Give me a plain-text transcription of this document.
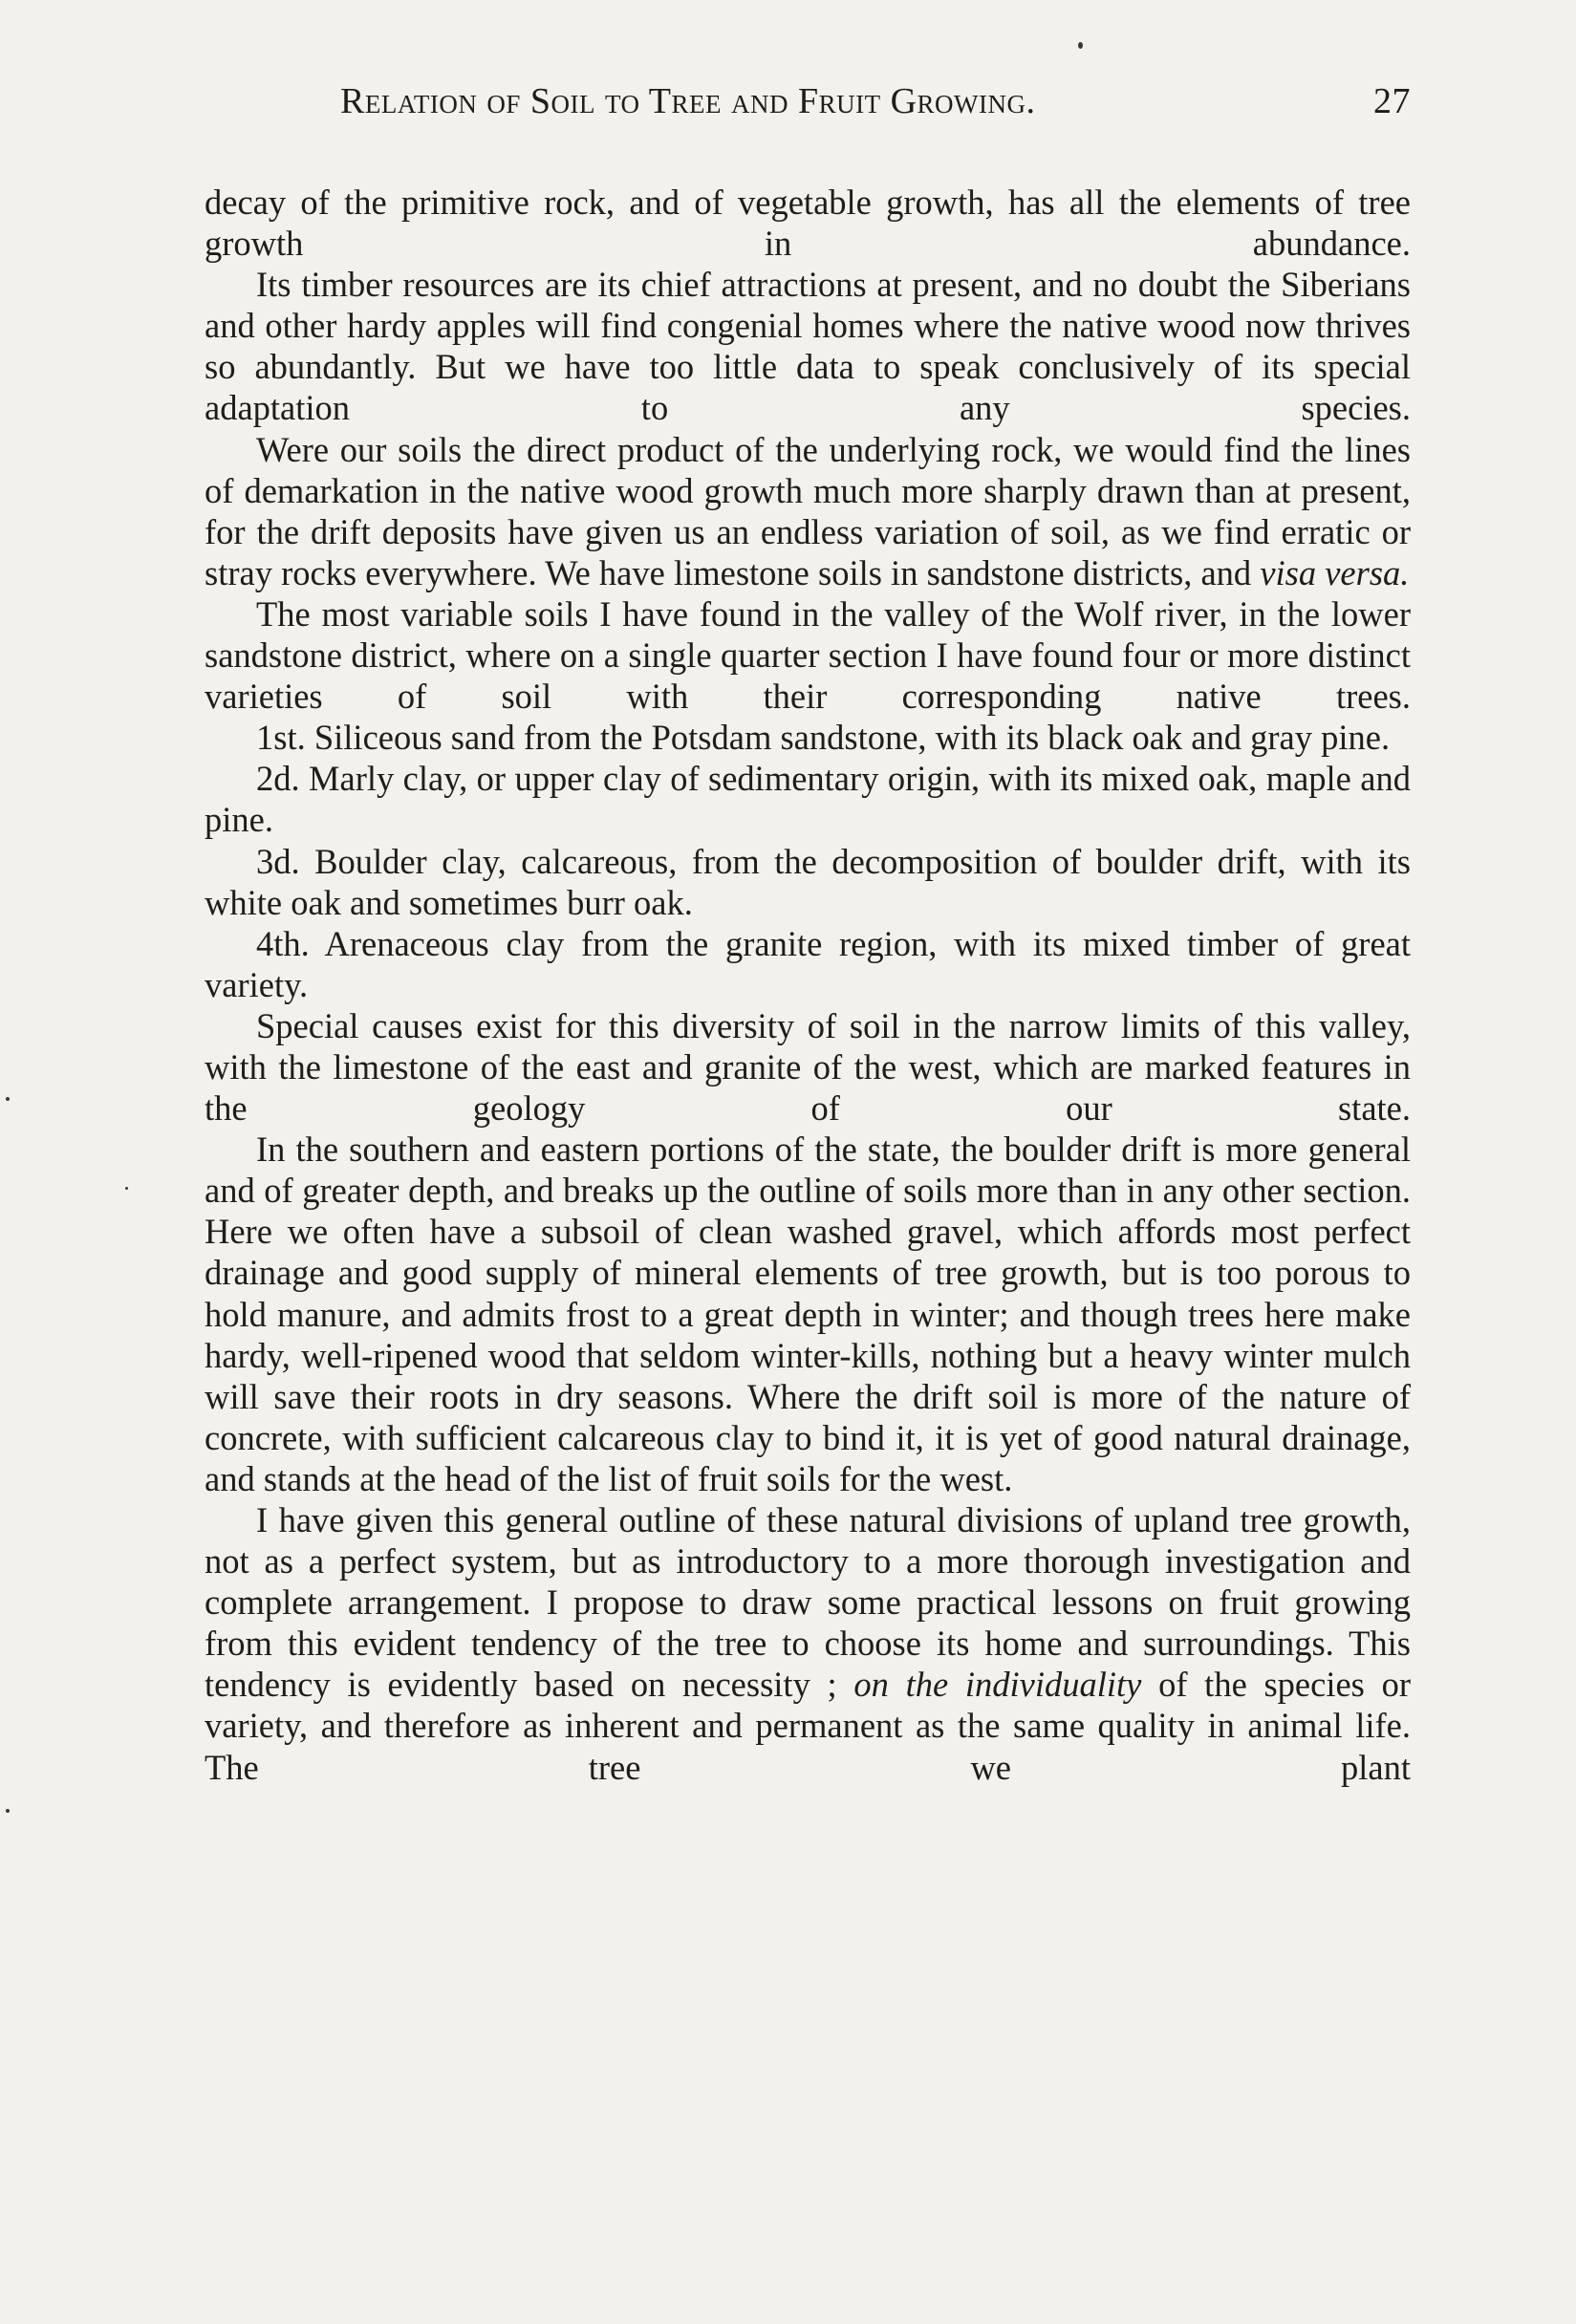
Relation of Soil to Tree and Fruit Growing.	27

decay of the primitive rock, and of vegetable growth, has all the elements of tree growth in abundance.

Its timber resources are its chief attractions at present, and no doubt the Siberians and other hardy apples will find congenial homes where the native wood now thrives so abundantly. But we have too little data to speak conclusively of its special adaptation to any species.

Were our soils the direct product of the underlying rock, we would find the lines of demarkation in the native wood growth much more sharply drawn than at present, for the drift deposits have given us an endless variation of soil, as we find erratic or stray rocks everywhere. We have limestone soils in sandstone districts, and visa versa.

The most variable soils I have found in the valley of the Wolf river, in the lower sandstone district, where on a single quarter section I have found four or more distinct varieties of soil with their corresponding native trees.

1st. Siliceous sand from the Potsdam sandstone, with its black oak and gray pine.

2d. Marly clay, or upper clay of sedimentary origin, with its mixed oak, maple and pine.

3d. Boulder clay, calcareous, from the decomposition of boulder drift, with its white oak and sometimes burr oak.

4th. Arenaceous clay from the granite region, with its mixed timber of great variety.

Special causes exist for this diversity of soil in the narrow limits of this valley, with the limestone of the east and granite of the west, which are marked features in the geology of our state.

In the southern and eastern portions of the state, the boulder drift is more general and of greater depth, and breaks up the outline of soils more than in any other section. Here we often have a subsoil of clean washed gravel, which affords most perfect drainage and good supply of mineral elements of tree growth, but is too porous to hold manure, and admits frost to a great depth in winter; and though trees here make hardy, well-ripened wood that seldom winter-kills, nothing but a heavy winter mulch will save their roots in dry seasons. Where the drift soil is more of the nature of concrete, with sufficient calcareous clay to bind it, it is yet of good natural drainage, and stands at the head of the list of fruit soils for the west.

I have given this general outline of these natural divisions of upland tree growth, not as a perfect system, but as introductory to a more thorough investigation and complete arrangement. I propose to draw some practical lessons on fruit growing from this evident tendency of the tree to choose its home and surroundings. This tendency is evidently based on necessity ; on the individuality of the species or variety, and therefore as inherent and permanent as the same quality in animal life. The tree we plant
